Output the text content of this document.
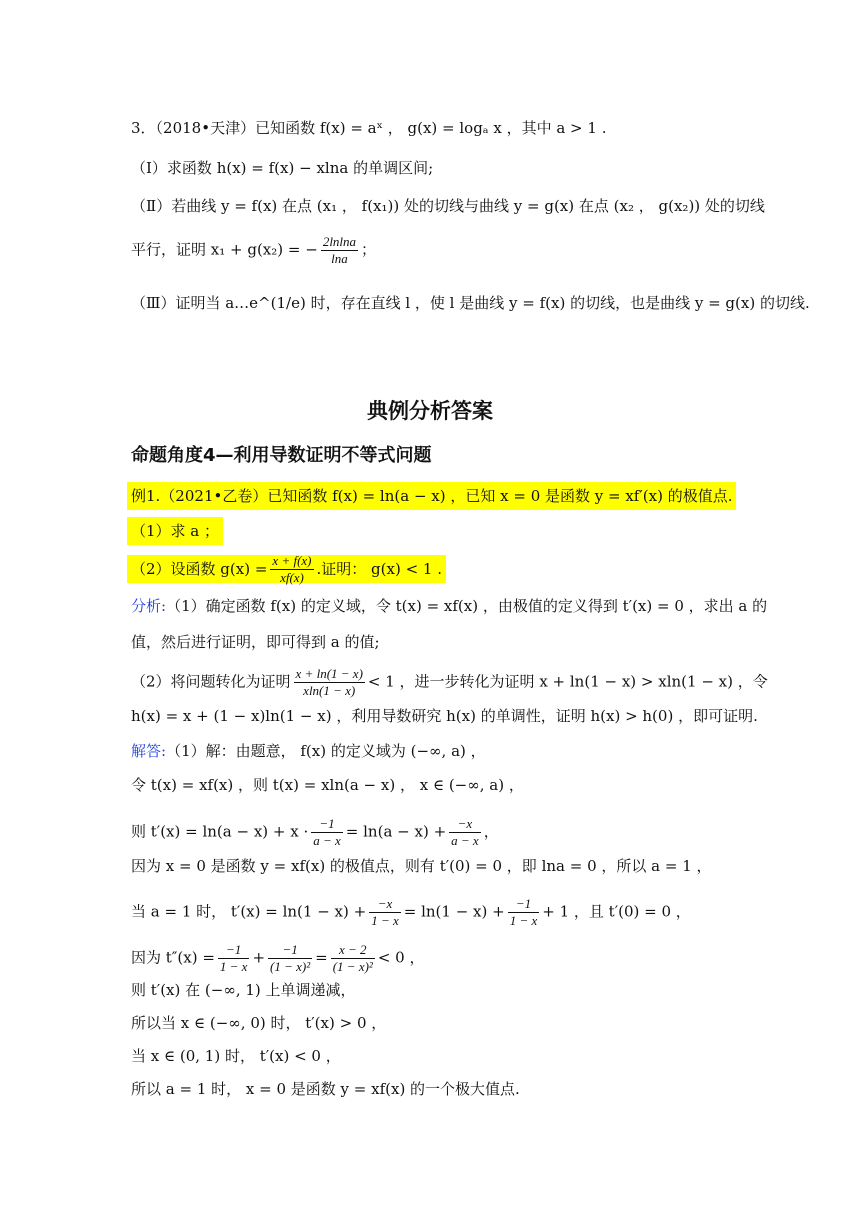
3．（2018•天津）已知函数 f(x) = aˣ ， g(x) = logₐ x ，其中 a > 1 .
（Ⅰ）求函数 h(x) = f(x) − xlna 的单调区间;
（Ⅱ）若曲线 y = f(x) 在点 (x₁ ， f(x₁)) 处的切线与曲线 y = g(x) 在点 (x₂ ， g(x₂)) 处的切线
平行，证明 x₁ + g(x₂) = − $\frac{2lnlna}{\ln a}$ ；
（Ⅲ）证明当 a…e^(1/e) 时，存在直线 l ，使 l 是曲线 y = f(x) 的切线，也是曲线 y = g(x) 的切线.
典例分析答案
命题角度4—利用导数证明不等式问题
例1.（2021•乙卷）已知函数 f(x) = ln(a − x) ，已知 x = 0 是函数 y = xf′(x) 的极值点.
（1）求 a ；
（2）设函数 $g(x) = \frac{x + f(x)}{xf(x)}$ .证明： g(x) < 1 .
分析:（1）确定函数 f(x) 的定义域，令 t(x) = xf(x) ，由极值的定义得到 t′(x) = 0 ，求出 a 的
值，然后进行证明，即可得到 a 的值;
（2）将问题转化为证明 $\frac{x + \ln(1 - x)}{xln(1 - x)} < 1$ ，进一步转化为证明 x + ln(1 − x) > xln(1 − x) ，令
h(x) = x + (1 − x)ln(1 − x) ，利用导数研究 h(x) 的单调性，证明 h(x) > h(0) ，即可证明.
解答:（1）解：由题意， f(x) 的定义域为 (−∞, a) ，
令 t(x) = xf(x) ，则 t(x) = xln(a − x) ， x ∈ (−∞, a) ，
则 $t'(x) = \ln(a - x) + x \cdot \frac{-1}{a - x} = \ln(a - x) + \frac{-x}{a - x}$ ，
因为 x = 0 是函数 y = xf(x) 的极值点，则有 t′(0) = 0 ，即 lna = 0 ，所以 a = 1 ，
当 a = 1 时， $t'(x) = \ln(1 - x) + \frac{-x}{1 - x} = \ln(1 - x) + \frac{-1}{1 - x} + 1$ ，且 t′(0) = 0 ，
因为 $t''(x) = \frac{-1}{1 - x} + \frac{-1}{\text{(1 − x)²}} = \frac{x - 2}{\text{(1 − x)²}} < 0$ ，
则 t′(x) 在 (−∞, 1) 上单调递减，
所以当 x ∈ (−∞, 0) 时， t′(x) > 0 ，
当 x ∈ (0, 1) 时， t′(x) < 0 ，
所以 a = 1 时， x = 0 是函数 y = xf(x) 的一个极大值点.
